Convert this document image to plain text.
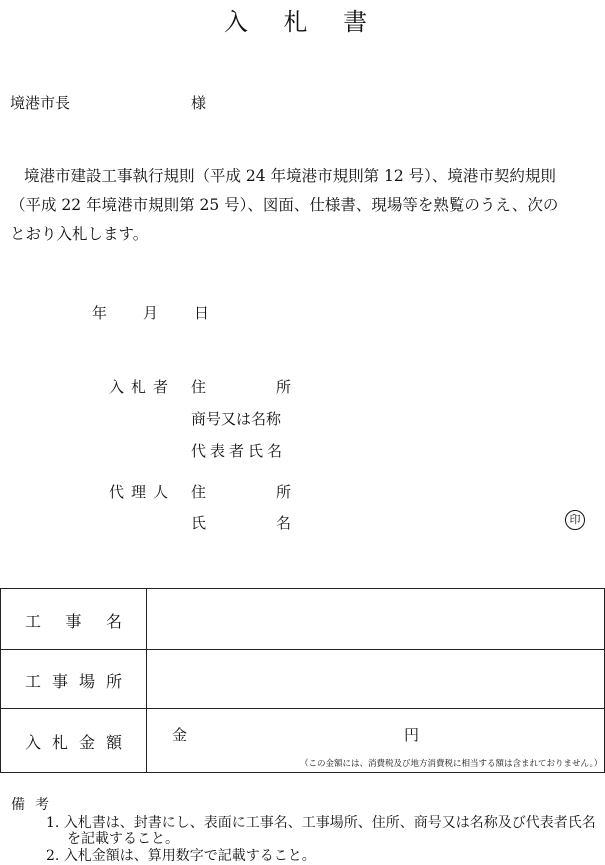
入 札 書
境港市長	様
境港市建設工事執行規則（平成 24 年境港市規則第 12 号）、境港市契約規則
（平成 22 年境港市規則第 25 号）、図面、仕様書、現場等を熟覧のうえ、次の
とおり入札します。
年 月 日
入札者 住	所
商号又は名称
代表者氏名
代理人 住	所
氏	名	印
工 事 名
工 事 場 所
入 札 金 額	金	円
（この金額には、消費税及び地方消費税に相当する額は含まれておりません。）
備考
1. 入札書は、封書にし、表面に工事名、工事場所、住所、商号又は名称及び代表者氏名
を記載すること。
2. 入札金額は、算用数字で記載すること。
